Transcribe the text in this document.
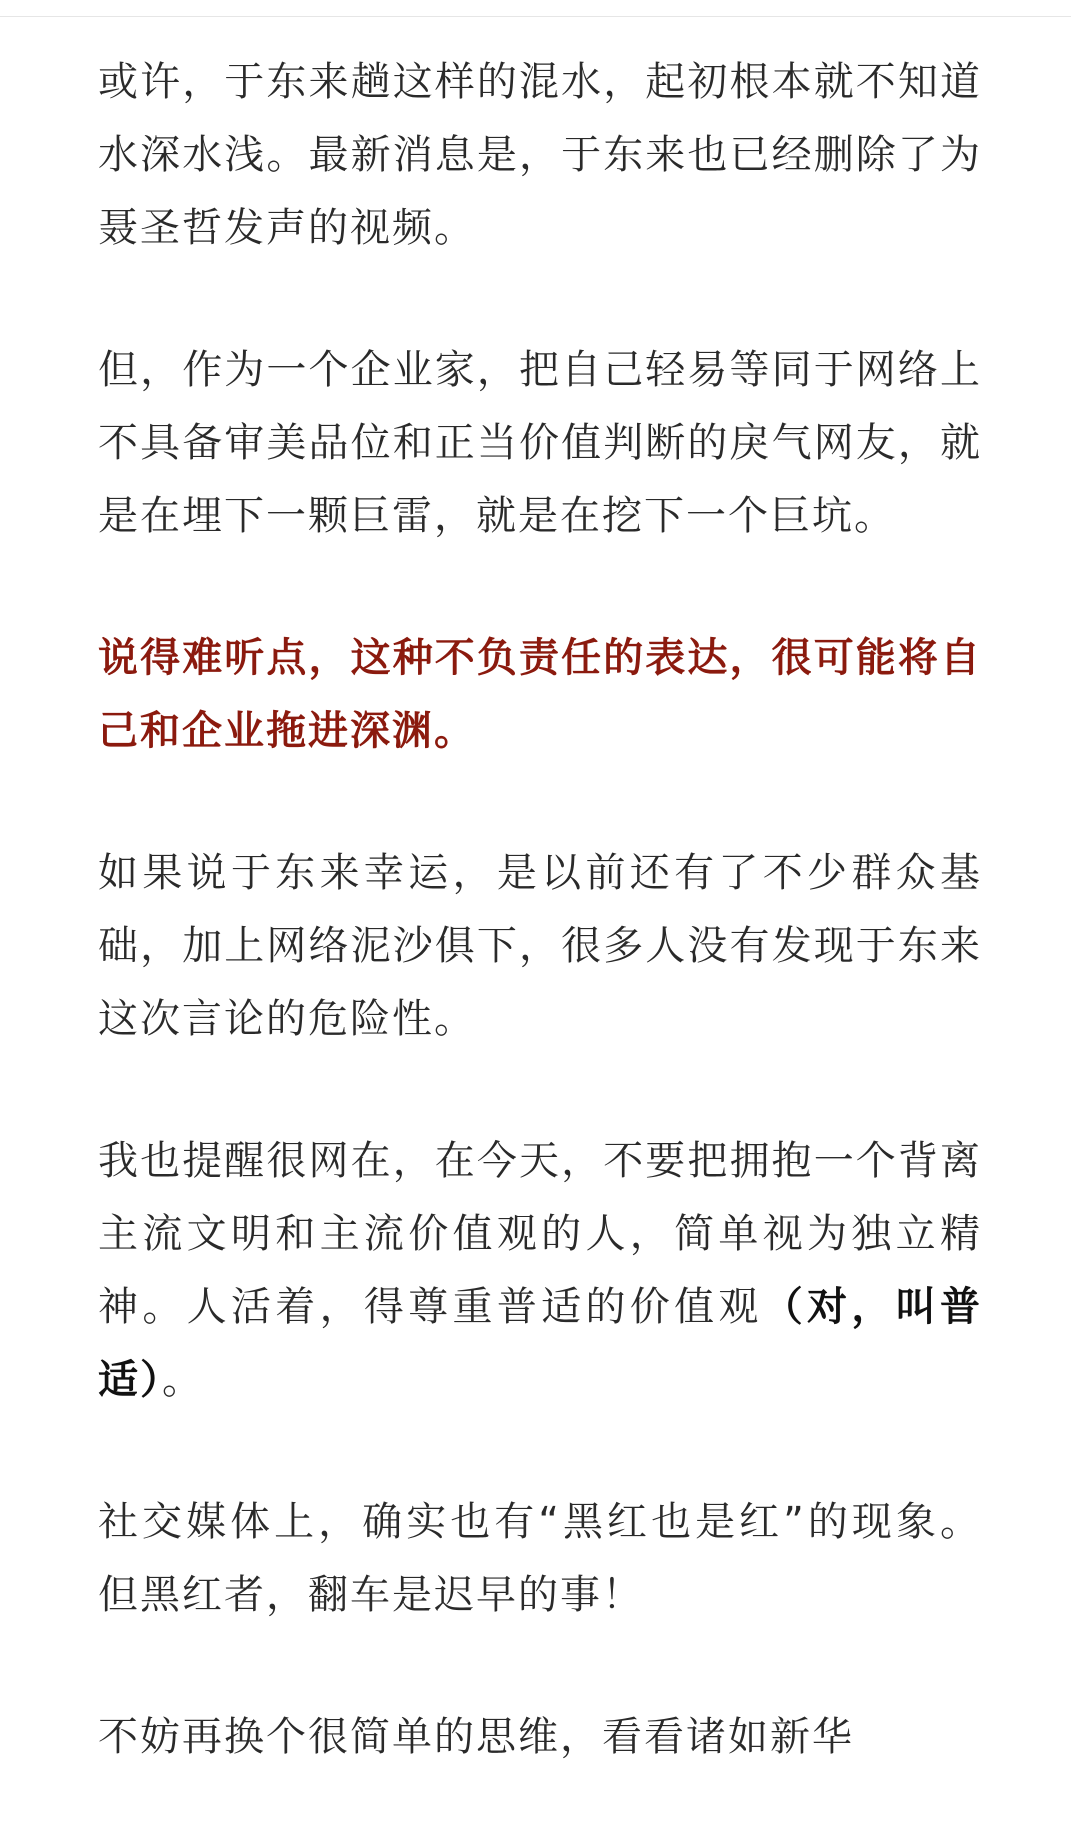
或许，于东来趟这样的混水，起初根本就不知道水深水浅。最新消息是，于东来也已经删除了为聂圣哲发声的视频。

但，作为一个企业家，把自己轻易等同于网络上不具备审美品位和正当价值判断的戾气网友，就是在埋下一颗巨雷，就是在挖下一个巨坑。

说得难听点，这种不负责任的表达，很可能将自己和企业拖进深渊。

如果说于东来幸运，是以前还有了不少群众基础，加上网络泥沙俱下，很多人没有发现于东来这次言论的危险性。

我也提醒很网在，在今天，不要把拥抱一个背离主流文明和主流价值观的人，简单视为独立精神。人活着，得尊重普适的价值观（对，叫普适）。

社交媒体上，确实也有“黑红也是红”的现象。但黑红者，翻车是迟早的事！

不妨再换个很简单的思维，看看诸如新华
